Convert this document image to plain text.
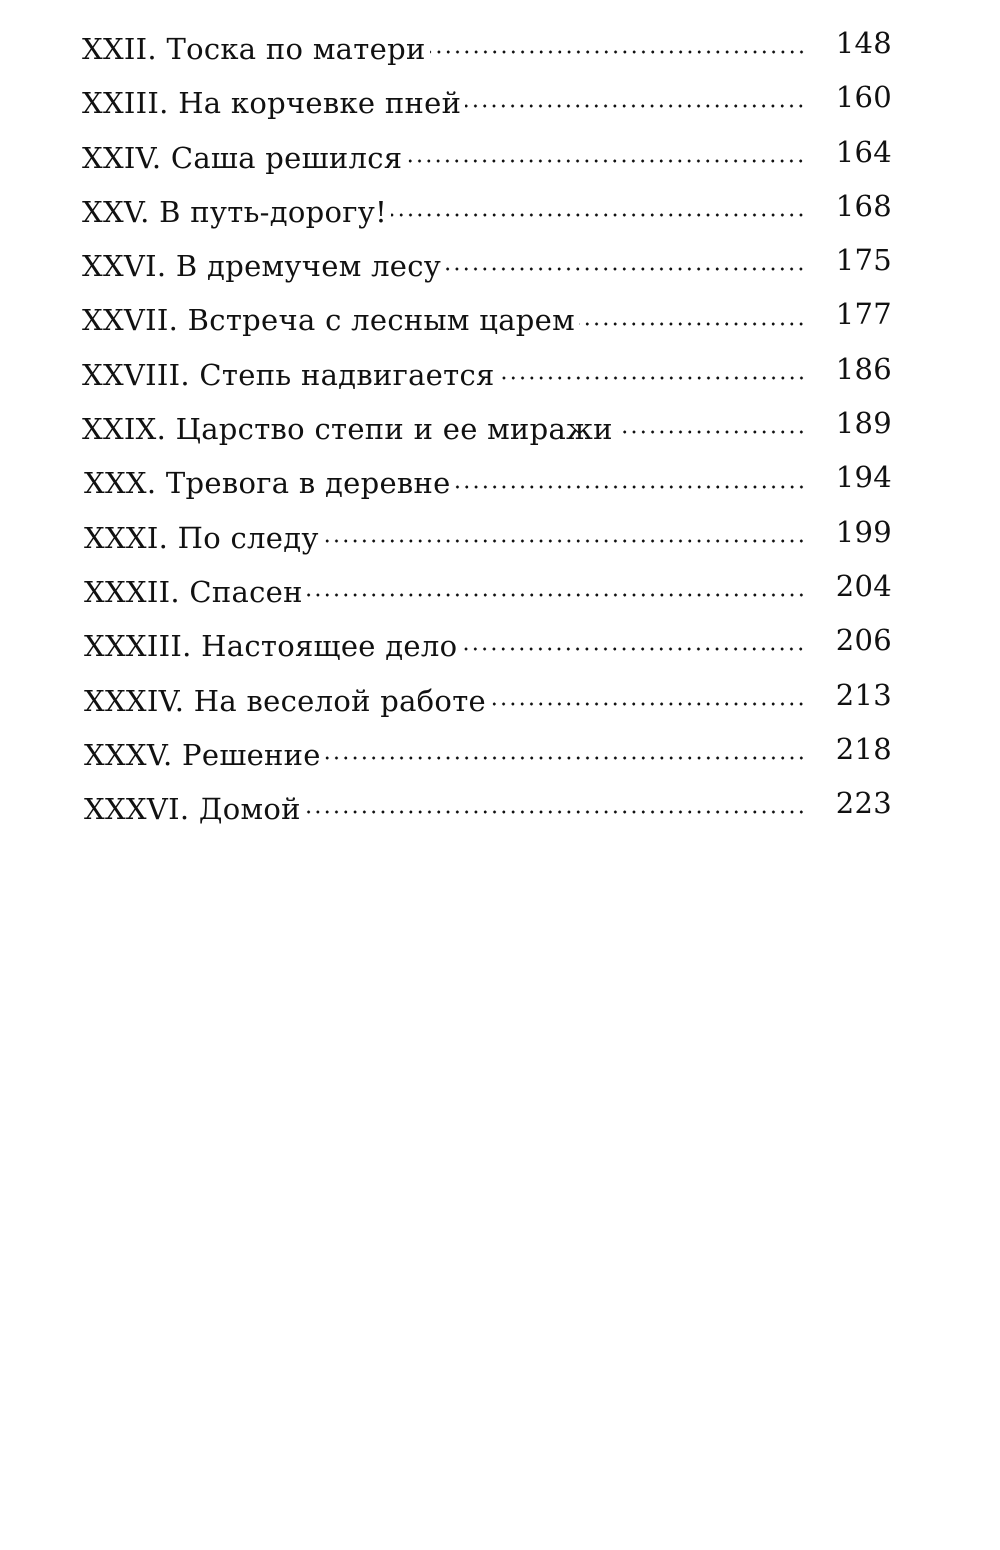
XXII. Тоска по матери	148
XXIII. На корчевке пней	160
XXIV. Саша решился	164
XXV. В путь-дорогу!	168
XXVI. В дремучем лесу	175
XXVII. Встреча с лесным царем	177
XXVIII. Степь надвигается	186
XXIX. Царство степи и ее миражи	189
XXX. Тревога в деревне	194
XXXI. По следу	199
XXXII. Спасен	204
XXXIII. Настоящее дело	206
XXXIV. На веселой работе	213
XXXV. Решение	218
XXXVI. Домой	223
